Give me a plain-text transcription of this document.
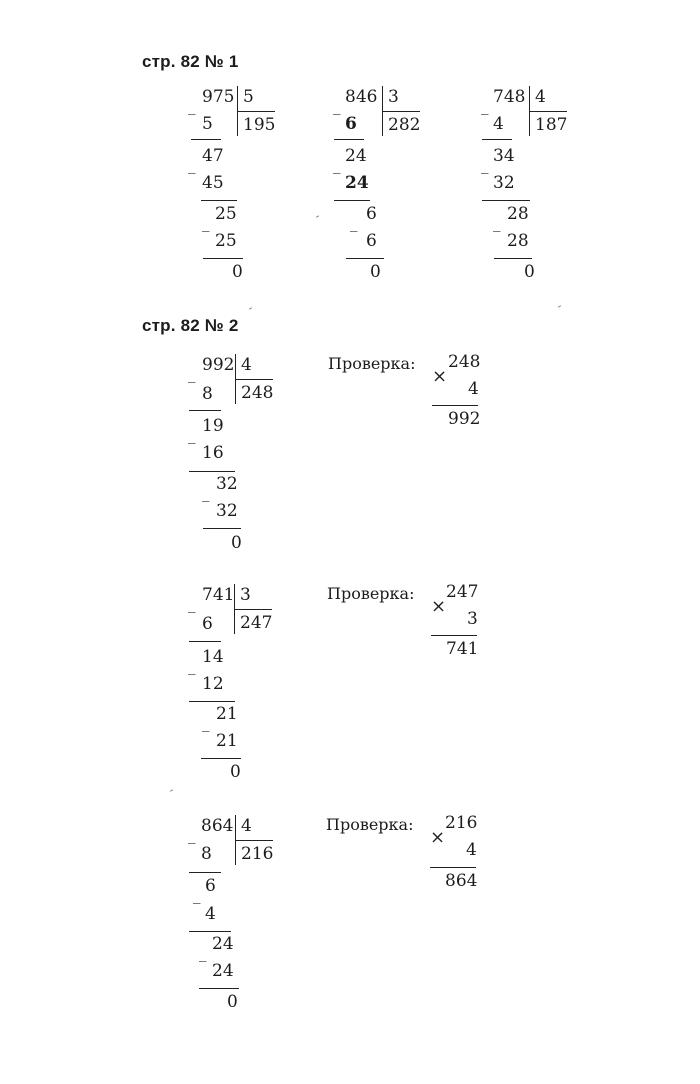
стр. 82 № 1
_ 975 5
195
5
47
_
45
25
_
25
0
_ 846 3
282
6
24
_
24
6
_
6
0
_ 748 4
187
4
34
_
32
28
_
28
0
стр. 82 № 2
_ 992 4
248
8
19
_
16
32
_
32
0
Проверка:
×
248
4
992
_ 741 3
247
6
14
_
12
21
_
21
0
Проверка:
×
247
3
741
_ 864 4
216
8
6
_
4
24
_
24
0
Проверка:
×
216
4
864
